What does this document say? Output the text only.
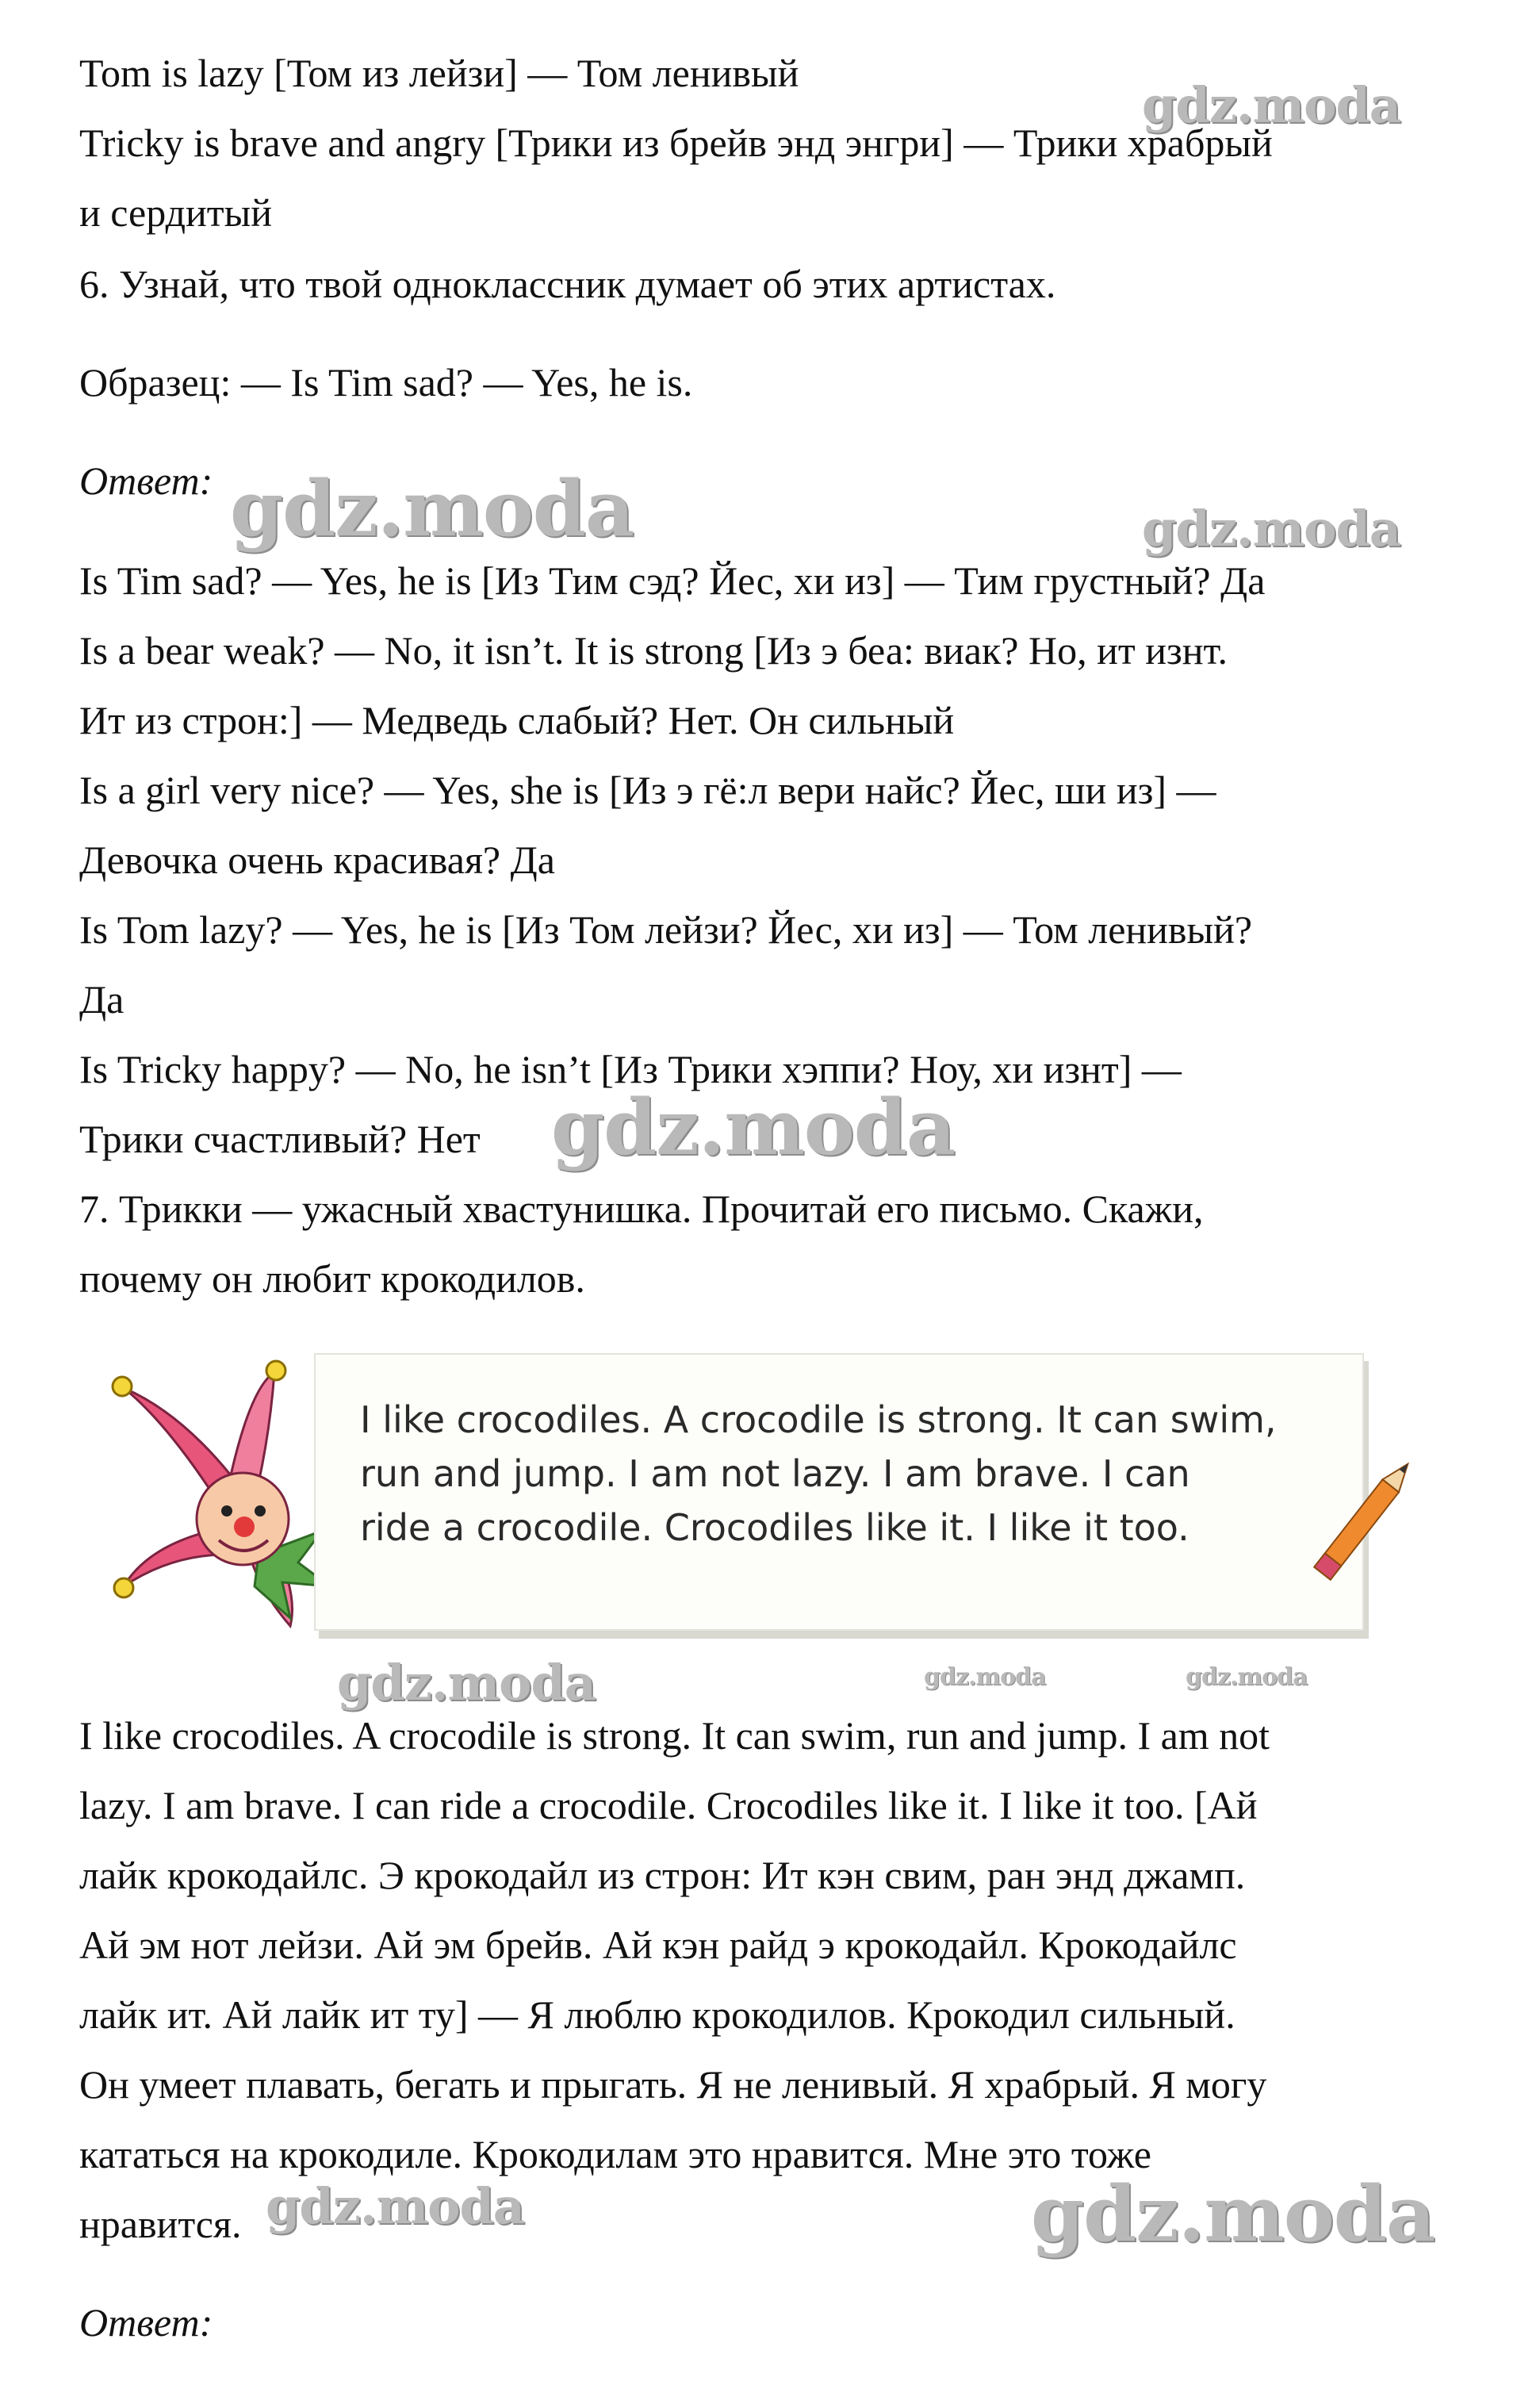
Tom is lazy [Том из лейзи] — Том ленивый
Tricky is brave and angry [Трики из брейв энд энгри] — Трики храбрый
и сердитый
6. Узнай, что твой одноклассник думает об этих артистах.
Образец: — Is Tim sad? — Yes, he is.
Ответ:
Is Tim sad? — Yes, he is [Из Тим сэд? Йес, хи из] — Тим грустный? Да
Is a bear weak? — No, it isn’t. It is strong [Из э беа: виак? Но, ит изнт.
Ит из строн:] — Медведь слабый? Нет. Он сильный
Is a girl very nice? — Yes, she is [Из э гё:л вери найс? Йес, ши из] —
Девочка очень красивая? Да
Is Tom lazy? — Yes, he is [Из Том лейзи? Йес, хи из] — Том ленивый?
Да
Is Tricky happy? — No, he isn’t [Из Трики хэппи? Ноу, хи изнт] —
Трики счастливый? Нет
7. Трикки — ужасный хвастунишка. Прочитай его письмо. Скажи,
почему он любит крокодилов.
I like crocodiles. A crocodile is strong. It can swim,
run and jump. I am not lazy. I am brave. I can
ride a crocodile. Crocodiles like it. I like it too.
I like crocodiles. A crocodile is strong. It can swim, run and jump. I am not
lazy. I am brave. I can ride a crocodile. Crocodiles like it. I like it too. [Ай
лайк крокодайлс. Э крокодайл из строн: Ит кэн свим, ран энд джамп.
Ай эм нот лейзи. Ай эм брейв. Ай кэн райд э крокодайл. Крокодайлс
лайк ит. Ай лайк ит ту] — Я люблю крокодилов. Крокодил сильный.
Он умеет плавать, бегать и прыгать. Я не ленивый. Я храбрый. Я могу
кататься на крокодиле. Крокодилам это нравится. Мне это тоже
нравится.
Ответ:
gdz.moda
gdz.moda	gdz.moda
gdz.moda
gdz.moda	gdz.moda	gdz.moda
gdz.moda	gdz.moda
